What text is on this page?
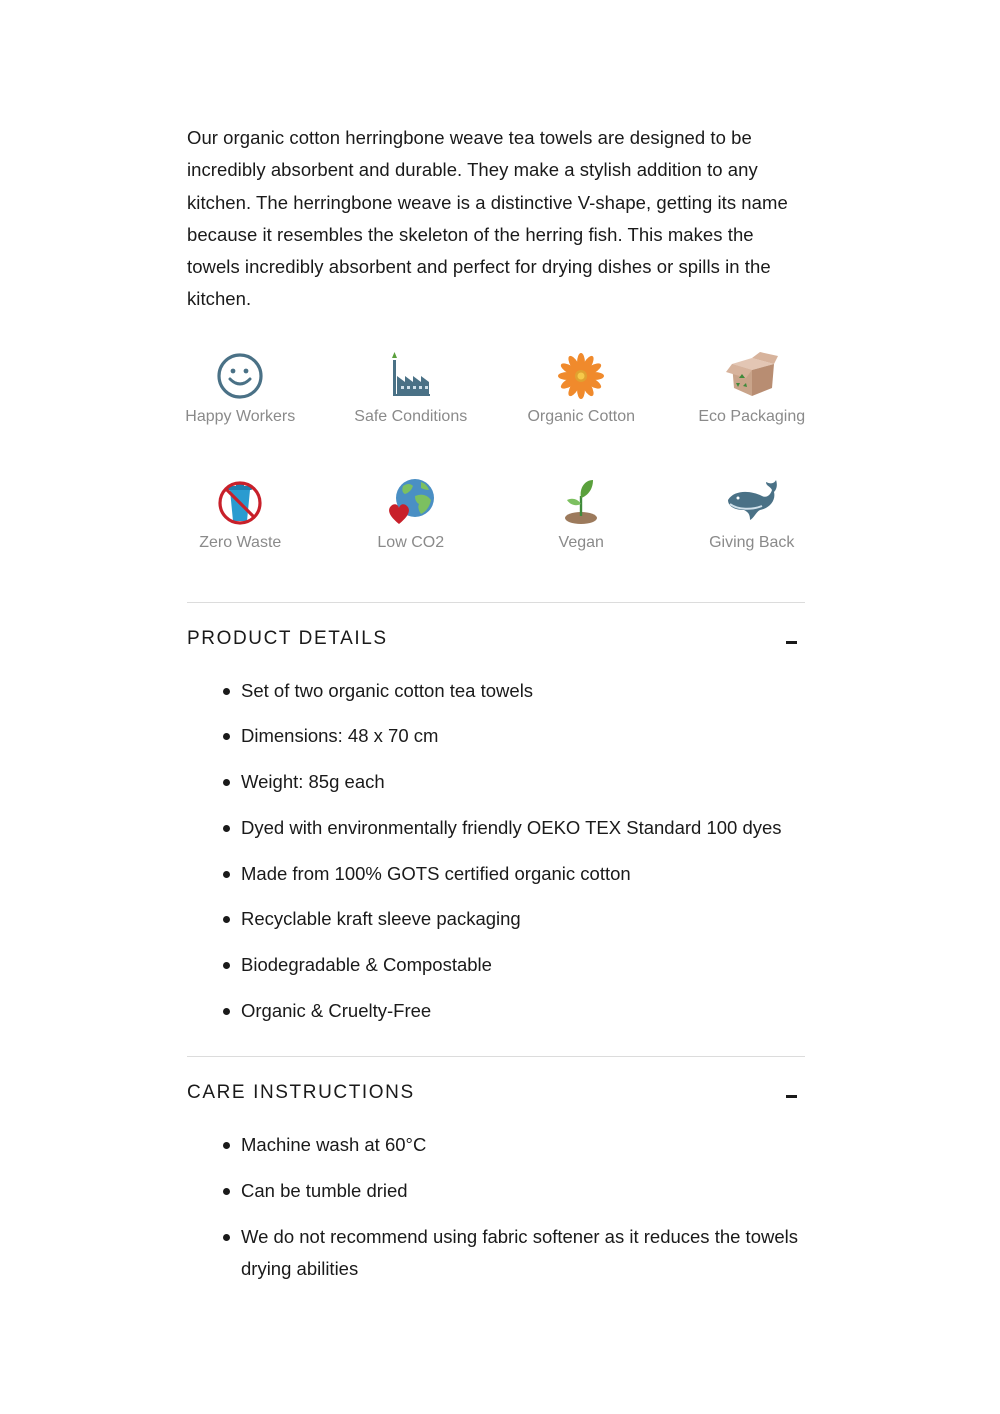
Our organic cotton herringbone weave tea towels are designed to be incredibly absorbent and durable. They make a stylish addition to any kitchen. The herringbone weave is a distinctive V-shape, getting its name because it resembles the skeleton of the herring fish. This makes the towels incredibly absorbent and perfect for drying dishes or spills in the kitchen.

Happy Workers	Safe Conditions	Organic Cotton	Eco Packaging
Zero Waste	Low CO2	Vegan	Giving Back
PRODUCT DETAILS
Set of two organic cotton tea towels
Dimensions: 48 x 70 cm
Weight: 85g each
Dyed with environmentally friendly OEKO TEX Standard 100 dyes
Made from 100% GOTS certified organic cotton
Recyclable kraft sleeve packaging
Biodegradable & Compostable
Organic & Cruelty-Free
CARE INSTRUCTIONS
Machine wash at 60°C
Can be tumble dried
We do not recommend using fabric softener as it reduces the towels drying abilities
